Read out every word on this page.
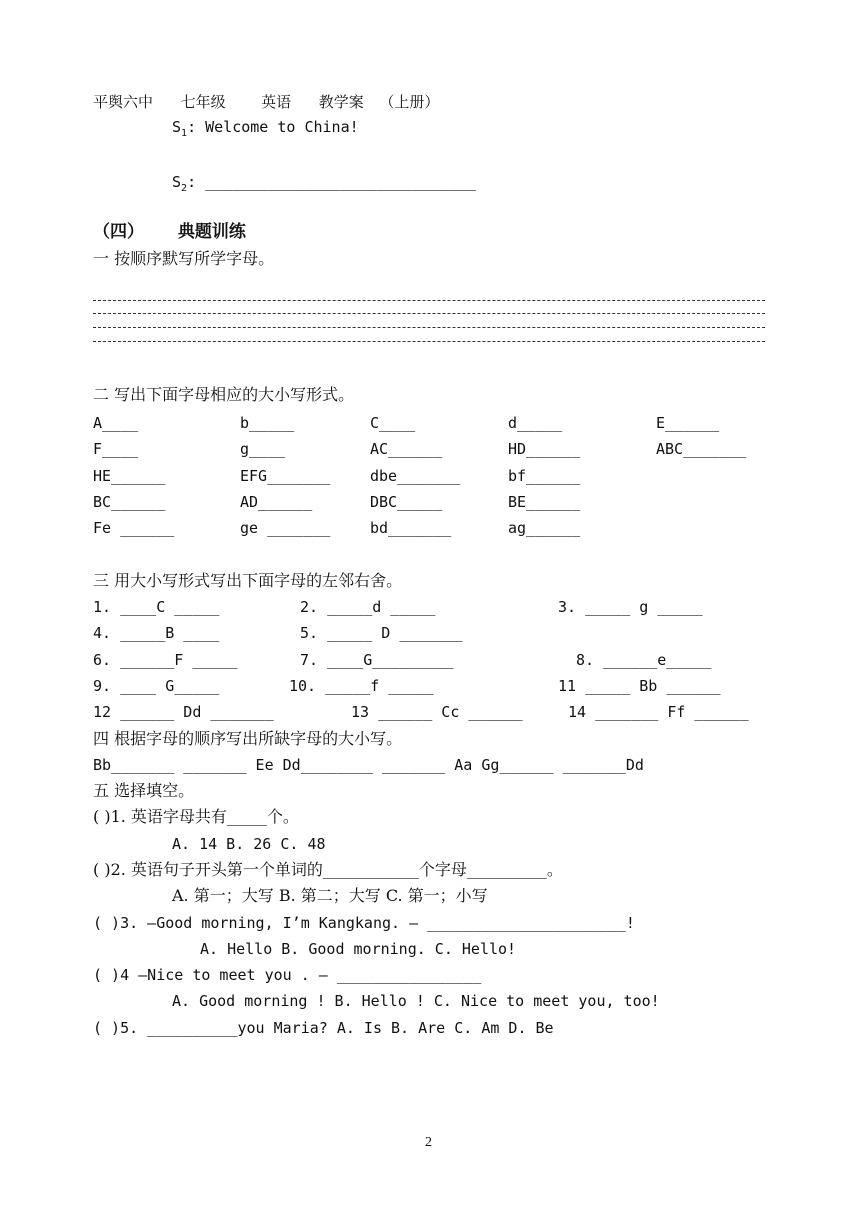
平舆六中 七年级 英语 教学案 （上册）
$S_1$: Welcome to China!
$S_2$: ______________________________
（四） 典题训练
一 按顺序默写所学字母。
二 写出下面字母相应的大小写形式。
A____	b_____	C____	d_____	E______
F____	g____	AC______	HD______	ABC_______
HE______	EFG_______	dbe_______	bf______
BC______	AD______	DBC_____	BE______
Fe ______	ge _______	bd_______	ag______
三 用大小写形式写出下面字母的左邻右舍。
1. ____C _____	2. _____d _____	3. _____ g _____
4. _____B ____	5. _____ D _______
6. ______F _____	7. ____G_________	8. ______e_____
9. ____ G_____	10. _____f _____	11 _____ Bb ______
12 ______ Dd _______	13 ______ Cc ______	14 _______ Ff ______
四 根据字母的顺序写出所缺字母的大小写。
Bb_______ _______ Ee Dd________ _______ Aa Gg______ _______Dd
五 选择填空。
( )1. 英语字母共有_____个。
A. 14 B. 26 C. 48
( )2. 英语句子开头第一个单词的____________个字母__________。
A. 第一；大写 B. 第二；大写 C. 第一；小写
( )3. —Good morning, I’m Kangkang. — ______________________!
A. Hello B. Good morning. C. Hello!
( )4 —Nice to meet you . — ________________
A. Good morning ! B. Hello ! C. Nice to meet you, too!
( )5. __________you Maria? A. Is B. Are C. Am D. Be
2
